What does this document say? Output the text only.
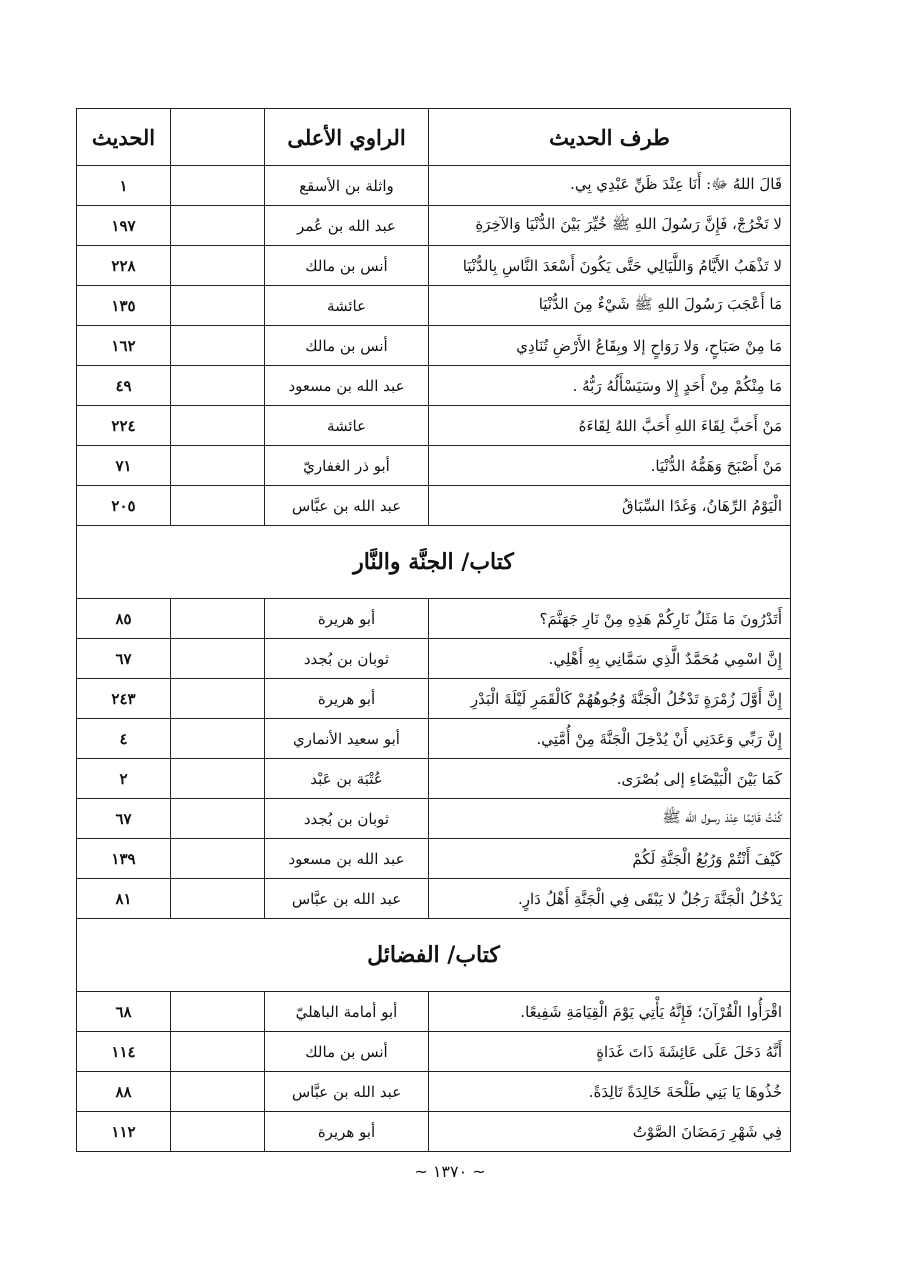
طرف الحديث	الراوي الأعلى		الحديث
قَالَ اللهُ ﷻ: أَنَا عِنْدَ ظَنِّ عَبْدِي بِي.	واثلة بن الأسقع		١
لا تَخْرُجْ، فَإِنَّ رَسُولَ اللهِ ﷺ خُيِّرَ بَيْنَ الدُّنْيَا وَالآخِرَةِ	عبد الله بن عُمر		١٩٧
لا تَذْهَبُ الأَيَّامُ وَاللَّيَالِي حَتَّى يَكُونَ أَسْعَدَ النَّاسِ بِالدُّنْيَا	أنس بن مالك		٢٢٨
مَا أَعْجَبَ رَسُولَ اللهِ ﷺ شَيْءٌ مِنَ الدُّنْيَا	عائشة		١٣٥
مَا مِنْ صَبَاحٍ، وَلا رَوَاحٍ إلا وبِقَاعُ الأَرْضِ تُنَادِي	أنس بن مالك		١٦٢
مَا مِنْكُمْ مِنْ أَحَدٍ إِلا وسَيَسْأَلُهُ رَبُّهُ .	عبد الله بن مسعود		٤٩
مَنْ أَحَبَّ لِقَاءَ اللهِ أَحَبَّ اللهُ لِقَاءَهُ	عائشة		٢٢٤
مَنْ أَصْبَحَ وَهَمُّهُ الدُّنْيَا.	أبو ذر الغفاريّ		٧١
الْيَوْمُ الرِّهَانُ، وَغَدًا السِّبَاقُ	عبد الله بن عبَّاس		٢٠٥
كتاب/ الجنَّة والنَّار			
أَتَدْرُونَ مَا مَثَلُ نَارِكُمْ هَذِهِ مِنْ نَارِ جَهَنَّمَ؟	أبو هريرة		٨٥
إِنَّ اسْمِي مُحَمَّدٌ الَّذِي سَمَّانِي بِهِ أَهْلِي.	ثوبان بن بُجدد		٦٧
إِنَّ أَوَّلَ زُمْرَةٍ تَدْخُلُ الْجَنَّةَ وُجُوهُهُمْ كَالْقَمَرِ لَيْلَةَ الْبَدْرِ	أبو هريرة		٢٤٣
إِنَّ رَبِّي وَعَدَنِي أَنْ يُدْخِلَ الْجَنَّةَ مِنْ أُمَّتِي.	أبو سعيد الأنماري		٤
كَمَا بَيْنَ الْبَيْضَاءِ إلى بُصْرَى.	عُتْبَة بن عَبْد		٢
كُنْتُ قَائِمًا عِنْدَ رسول الله ﷺ	ثوبان بن بُجدد		٦٧
كَيْفَ أَنْتُمْ وَرُبُعُ الْجَنَّةِ لَكُمْ	عبد الله بن مسعود		١٣٩
يَدْخُلُ الْجَنَّةَ رَجُلٌ لا يَبْقَى فِي الْجَنَّةِ أَهْلُ دَارٍ.	عبد الله بن عبَّاس		٨١
كتاب/ الفضائل			
اقْرَأُوا الْقُرْآنَ؛ فَإِنَّهُ يَأْتِي يَوْمَ الْقِيَامَةِ شَفِيعًا.	أبو أمامة الباهليّ		٦٨
أَنَّهُ دَخَلَ عَلَى عَائِشَةَ ذَاتَ غَدَاةٍ	أنس بن مالك		١١٤
خُذُوهَا يَا بَنِي طَلْحَةَ خَالِدَةً تَالِدَةً.	عبد الله بن عبَّاس		٨٨
فِي شَهْرِ رَمَضَانَ الصَّوْتُ	أبو هريرة		١١٢
~ ١٣٧٠ ~
